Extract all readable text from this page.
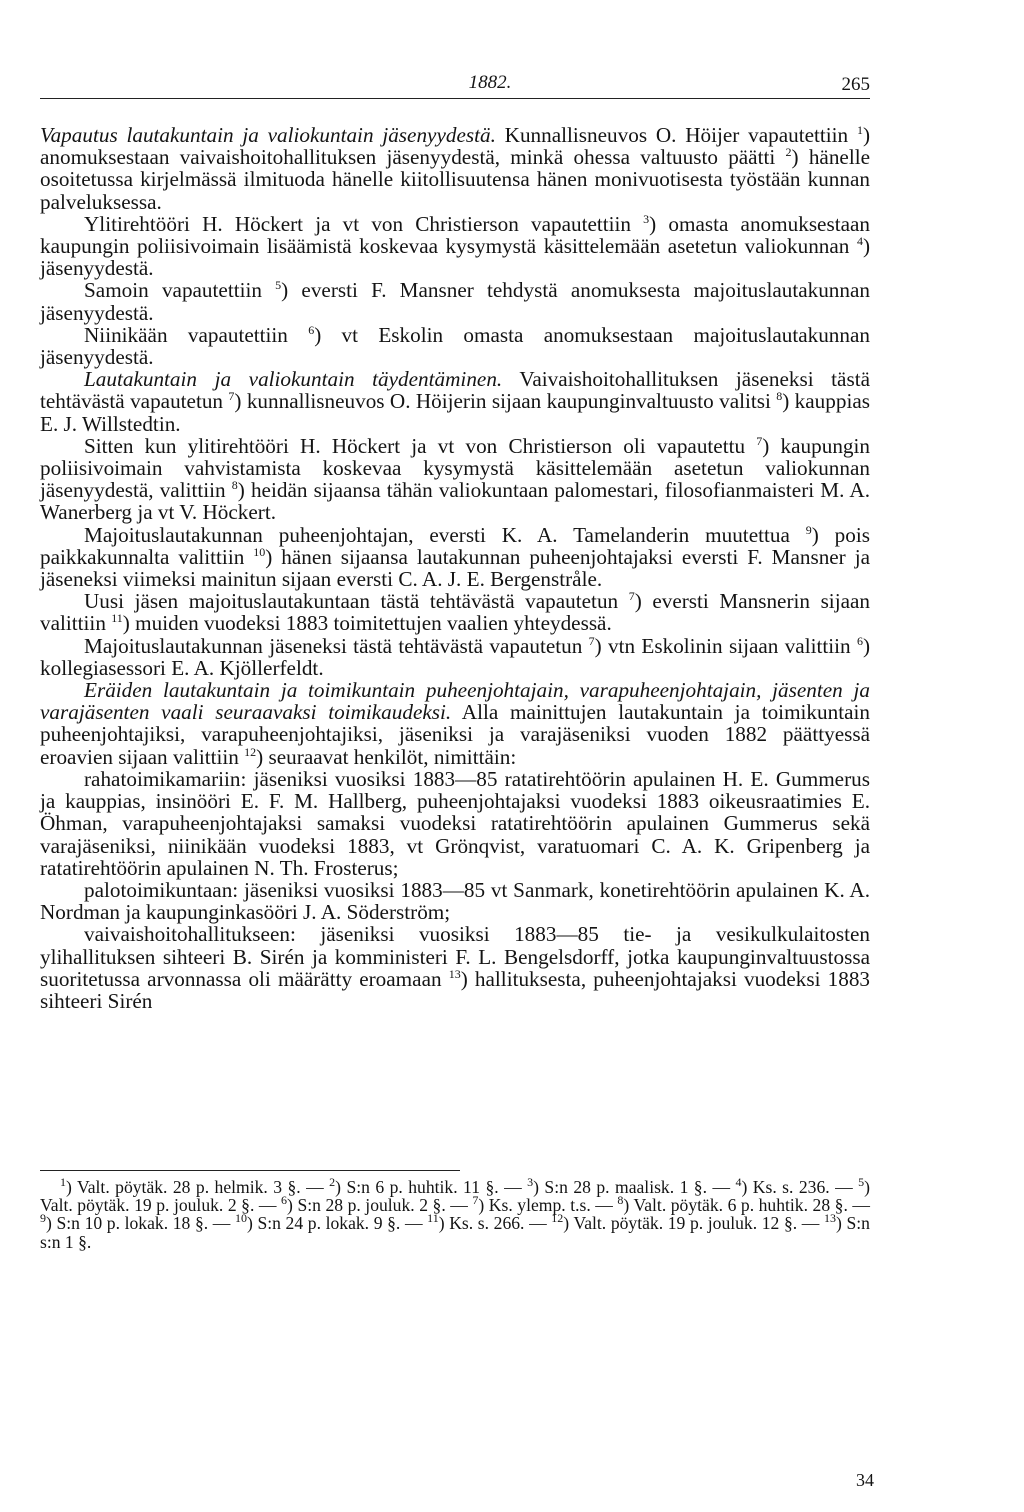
1882.	265

Vapautus lautakuntain ja valiokuntain jäsenyydestä. Kunnallisneuvos O. Höijer vapautettiin $^1$) anomuksestaan vaivaishoitohallituksen jäsenyydestä, minkä ohessa valtuusto päätti $^2$) hänelle osoitetussa kirjelmässä ilmituoda hänelle kiitollisuutensa hänen monivuotisesta työstään kunnan palveluksessa.

Ylitirehtööri H. Höckert ja vt von Christierson vapautettiin $^3$) omasta anomuksestaan kaupungin poliisivoimain lisäämistä koskevaa kysymystä käsittelemään asetetun valiokunnan $^4$) jäsenyydestä.

Samoin vapautettiin $^5$) eversti F. Mansner tehdystä anomuksesta majoituslautakunnan jäsenyydestä.

Niinikään vapautettiin $^6$) vt Eskolin omasta anomuksestaan majoituslautakunnan jäsenyydestä.

Lautakuntain ja valiokuntain täydentäminen. Vaivaishoitohallituksen jäseneksi tästä tehtävästä vapautetun $^7$) kunnallisneuvos O. Höijerin sijaan kaupunginvaltuusto valitsi $^8$) kauppias E. J. Willstedtin.

Sitten kun ylitirehtööri H. Höckert ja vt von Christierson oli vapautettu $^7$) kaupungin poliisivoimain vahvistamista koskevaa kysymystä käsittelemään asetetun valiokunnan jäsenyydestä, valittiin $^8$) heidän sijaansa tähän valiokuntaan palomestari, filosofianmaisteri M. A. Wanerberg ja vt V. Höckert.

Majoituslautakunnan puheenjohtajan, eversti K. A. Tamelanderin muutettua $^9$) pois paikkakunnalta valittiin $^{10}$) hänen sijaansa lautakunnan puheenjohtajaksi eversti F. Mansner ja jäseneksi viimeksi mainitun sijaan eversti C. A. J. E. Bergenstråle.

Uusi jäsen majoituslautakuntaan tästä tehtävästä vapautetun $^7$) eversti Mansnerin sijaan valittiin $^{11}$) muiden vuodeksi 1883 toimitettujen vaalien yhteydessä.

Majoituslautakunnan jäseneksi tästä tehtävästä vapautetun $^7$) vtn Eskolinin sijaan valittiin $^6$) kollegiasessori E. A. Kjöllerfeldt.

Eräiden lautakuntain ja toimikuntain puheenjohtajain, varapuheenjohtajain, jäsenten ja varajäsenten vaali seuraavaksi toimikaudeksi. Alla mainittujen lautakuntain ja toimikuntain puheenjohtajiksi, varapuheenjohtajiksi, jäseniksi ja varajäseniksi vuoden 1882 päättyessä eroavien sijaan valittiin $^{12}$) seuraavat henkilöt, nimittäin:

rahatoimikamariin: jäseniksi vuosiksi 1883—85 ratatirehtöörin apulainen H. E. Gummerus ja kauppias, insinööri E. F. M. Hallberg, puheenjohtajaksi vuodeksi 1883 oikeusraatimies E. Öhman, varapuheenjohtajaksi samaksi vuodeksi ratatirehtöörin apulainen Gummerus sekä varajäseniksi, niinikään vuodeksi 1883, vt Grönqvist, varatuomari C. A. K. Gripenberg ja ratatirehtöörin apulainen N. Th. Frosterus;

palotoimikuntaan: jäseniksi vuosiksi 1883—85 vt Sanmark, konetirehtöörin apulainen K. A. Nordman ja kaupunginkasööri J. A. Söderström;

vaivaishoitohallitukseen: jäseniksi vuosiksi 1883—85 tie- ja vesikulkulaitosten ylihallituksen sihteeri B. Sirén ja komministeri F. L. Bengelsdorff, jotka kaupunginvaltuustossa suoritetussa arvonnassa oli määrätty eroamaan $^{13}$) hallituksesta, puheenjohtajaksi vuodeksi 1883 sihteeri Sirén

$^1$) Valt. pöytäk. 28 p. helmik. 3 §. — $^2$) S:n 6 p. huhtik. 11 §. — $^3$) S:n 28 p. maalisk. 1 §. — $^4$) Ks. s. 236. — $^5$) Valt. pöytäk. 19 p. jouluk. 2 §. — $^6$) S:n 28 p. jouluk. 2 §. — $^7$) Ks. ylemp. t.s. — $^8$) Valt. pöytäk. 6 p. huhtik. 28 §. — $^9$) S:n 10 p. lokak. 18 §. — $^{10}$) S:n 24 p. lokak. 9 §. — $^{11}$) Ks. s. 266. — $^{12}$) Valt. pöytäk. 19 p. jouluk. 12 §. — $^{13}$) S:n s:n 1 §.

34
